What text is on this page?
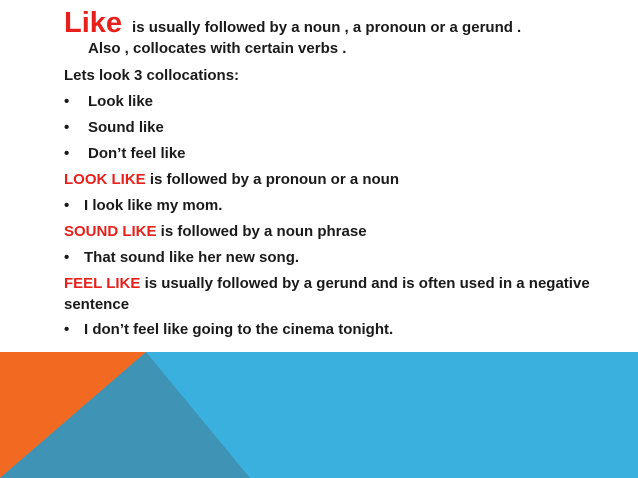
Like is usually followed by a noun , a pronoun or a gerund .
Also , collocates with certain verbs .
Lets look 3 collocations:
•	Look like
•	Sound like
•	Don’t feel like
LOOK LIKE is followed by a pronoun or a noun
• I look like my mom.
SOUND LIKE is followed by a noun phrase
• That sound like her new song.
FEEL LIKE is usually followed by a gerund and is often used in a negative sentence
• I don’t feel like going to the cinema tonight.
